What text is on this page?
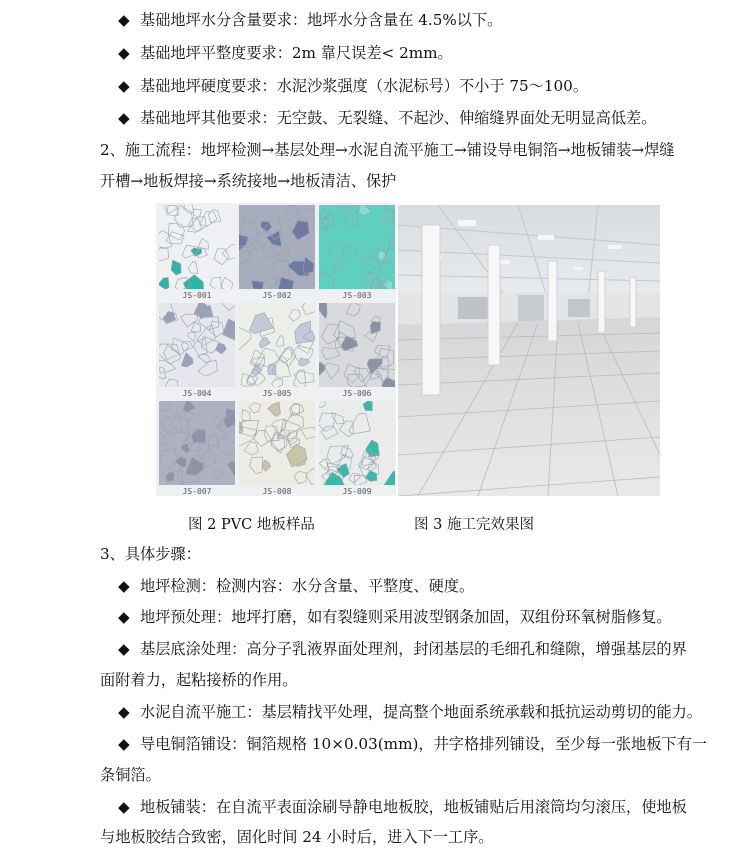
◆ 基础地坪水分含量要求：地坪水分含量在 4.5%以下。
◆ 基础地坪平整度要求：2m 靠尺误差< 2mm。
◆ 基础地坪硬度要求：水泥沙浆强度（水泥标号）不小于 75～100。
◆ 基础地坪其他要求：无空鼓、无裂缝、不起沙、伸缩缝界面处无明显高低差。
2、施工流程：地坪检测→基层处理→水泥自流平施工→铺设导电铜箔→地板铺装→焊缝
开槽→地板焊接→系统接地→地板清洁、保护
JS-001	JS-002	JS-003
JS-004	JS-005	JS-006
JS-007	JS-008	JS-009
图 2 PVC 地板样品	图 3 施工完效果图
3、具体步骤：
◆ 地坪检测：检测内容：水分含量、平整度、硬度。
◆ 地坪预处理：地坪打磨，如有裂缝则采用波型钢条加固，双组份环氧树脂修复。
◆ 基层底涂处理：高分子乳液界面处理剂，封闭基层的毛细孔和缝隙，增强基层的界
面附着力，起粘接桥的作用。
◆ 水泥自流平施工：基层精找平处理，提高整个地面系统承载和抵抗运动剪切的能力。
◆ 导电铜箔铺设：铜箔规格 10×0.03(mm)，井字格排列铺设，至少每一张地板下有一
条铜箔。
◆ 地板铺装：在自流平表面涂刷导静电地板胶，地板铺贴后用滚筒均匀滚压，使地板
与地板胶结合致密，固化时间 24 小时后，进入下一工序。
